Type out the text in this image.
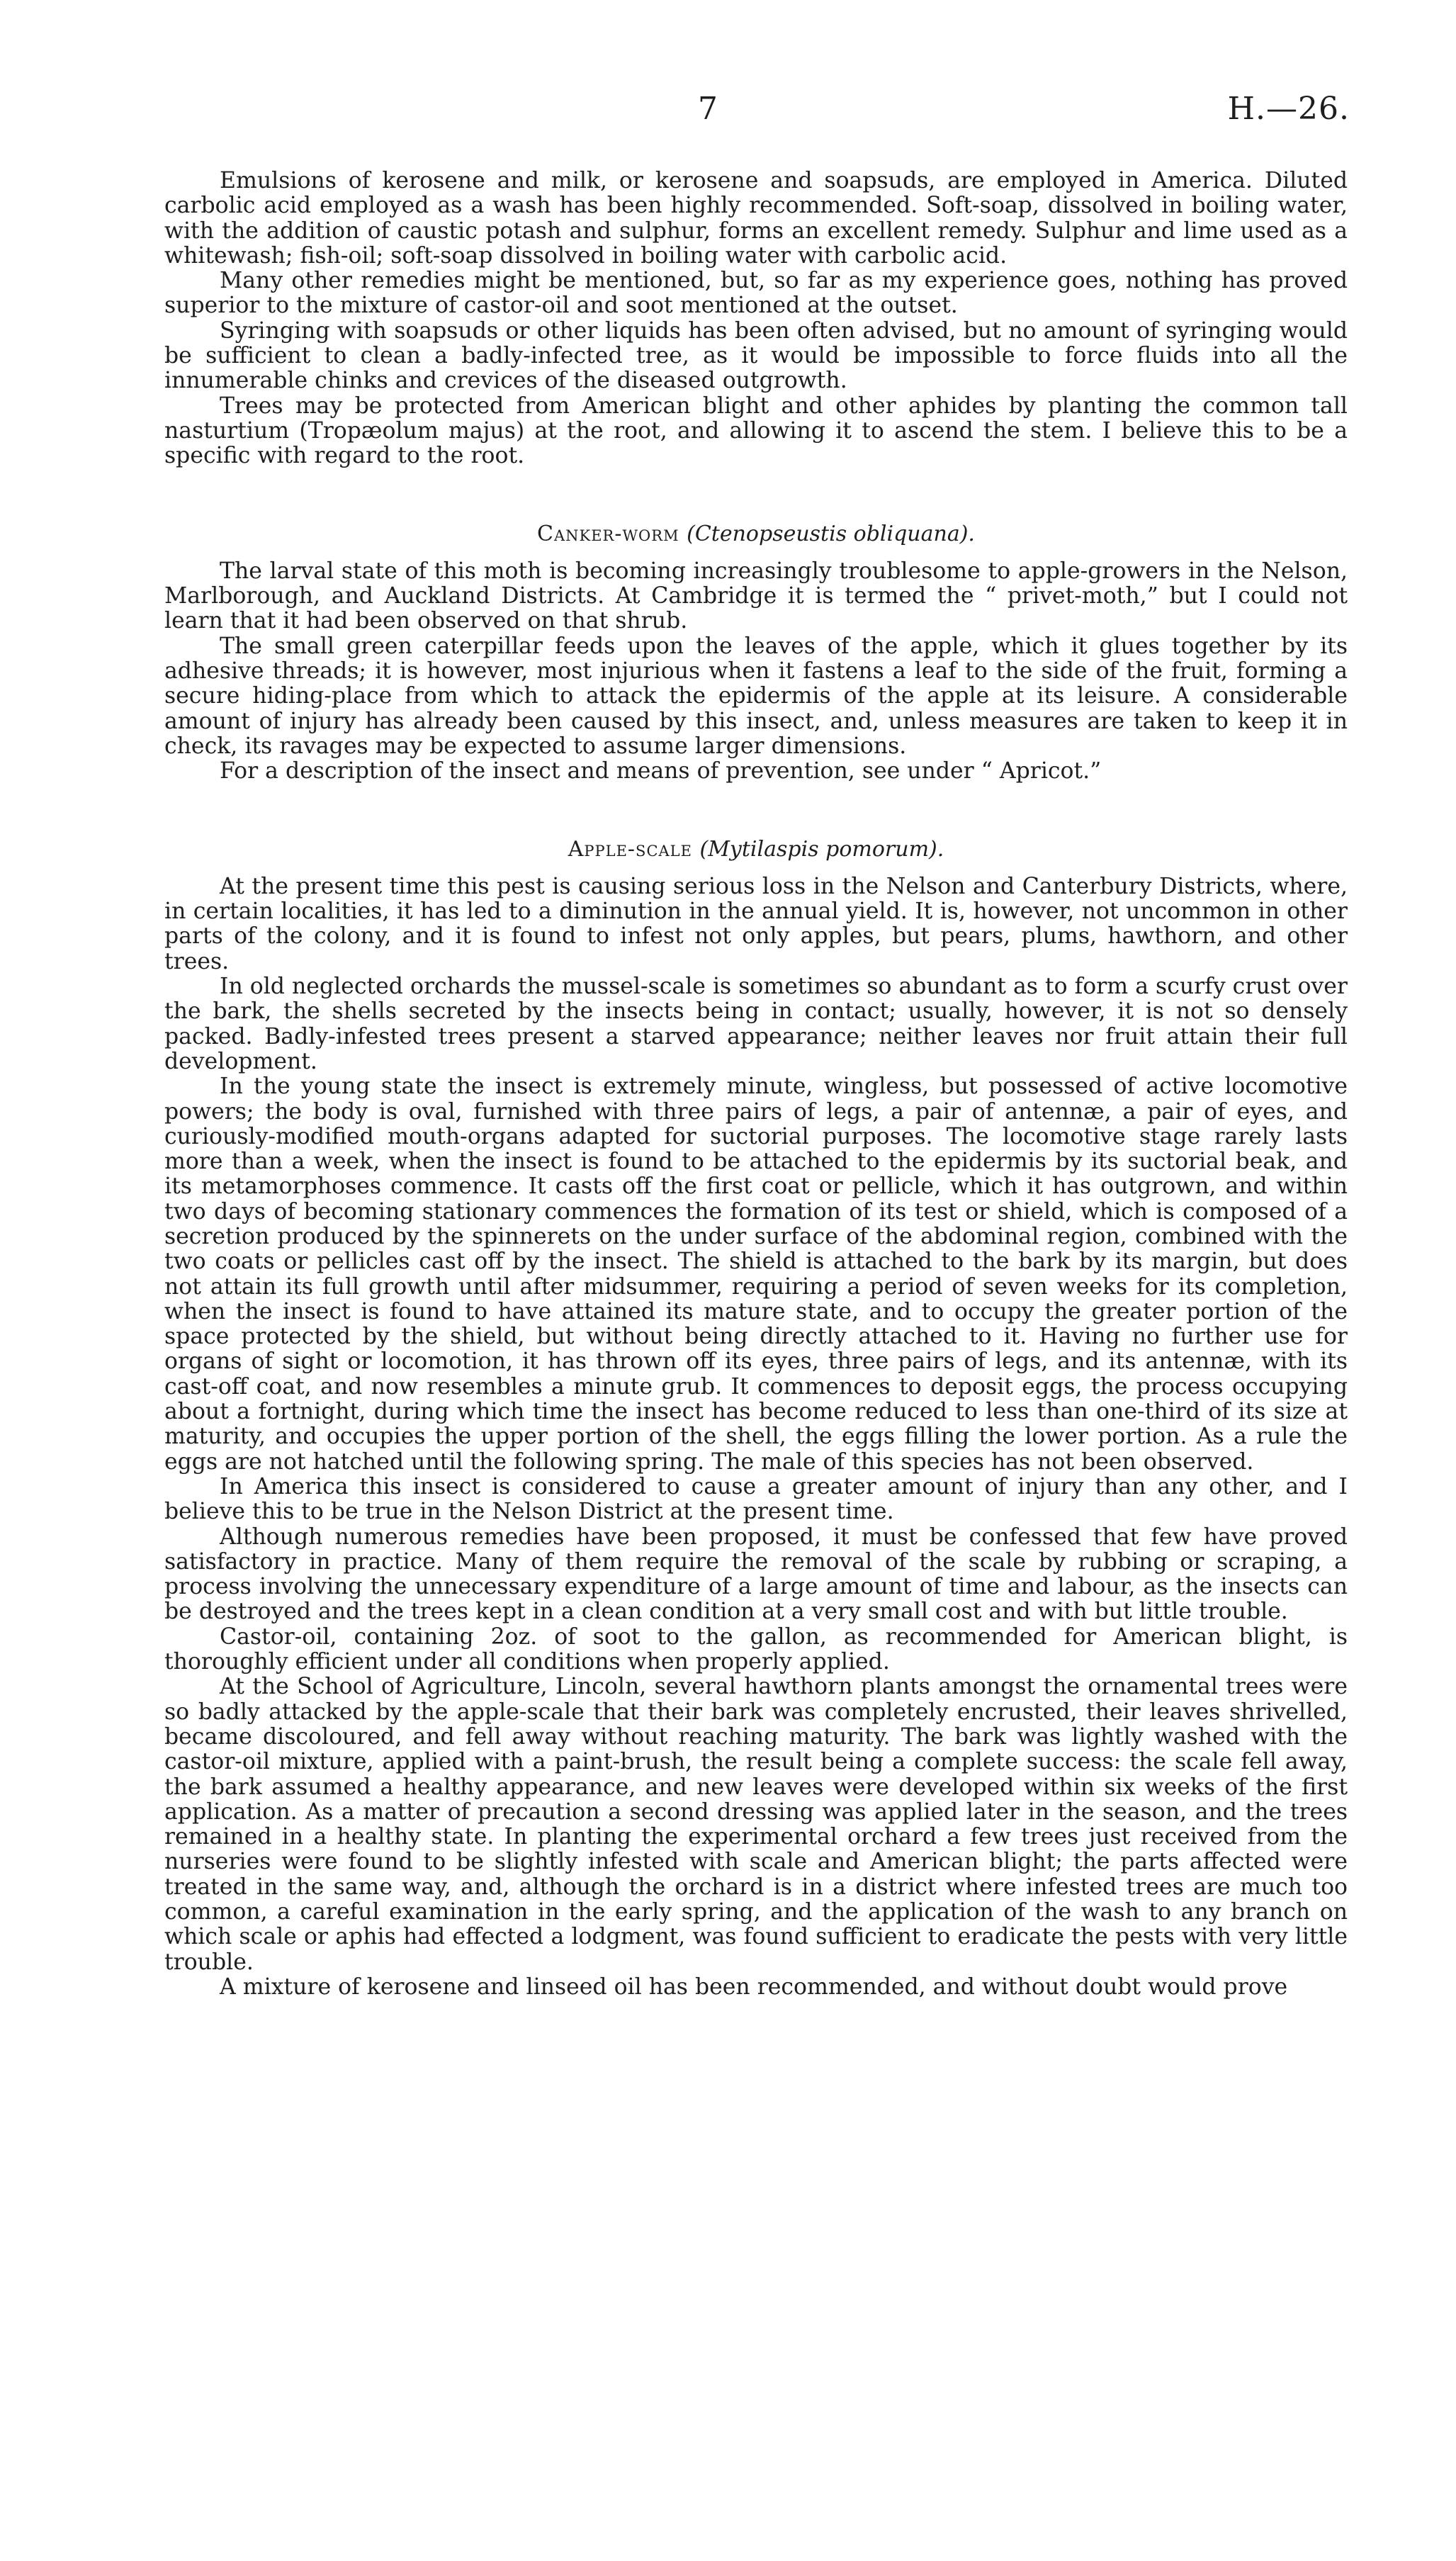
7	H.—26.

Emulsions of kerosene and milk, or kerosene and soapsuds, are employed in America. Diluted carbolic acid employed as a wash has been highly recommended. Soft-soap, dissolved in boiling water, with the addition of caustic potash and sulphur, forms an excellent remedy. Sulphur and lime used as a whitewash; fish-oil; soft-soap dissolved in boiling water with carbolic acid.

Many other remedies might be mentioned, but, so far as my experience goes, nothing has proved superior to the mixture of castor-oil and soot mentioned at the outset.

Syringing with soapsuds or other liquids has been often advised, but no amount of syringing would be sufficient to clean a badly-infected tree, as it would be impossible to force fluids into all the innumerable chinks and crevices of the diseased outgrowth.

Trees may be protected from American blight and other aphides by planting the common tall nasturtium (Tropæolum majus) at the root, and allowing it to ascend the stem. I believe this to be a specific with regard to the root.

Canker-worm (Ctenopseustis obliquana).

The larval state of this moth is becoming increasingly troublesome to apple-growers in the Nelson, Marlborough, and Auckland Districts. At Cambridge it is termed the “ privet-moth,” but I could not learn that it had been observed on that shrub.

The small green caterpillar feeds upon the leaves of the apple, which it glues together by its adhesive threads; it is however, most injurious when it fastens a leaf to the side of the fruit, forming a secure hiding-place from which to attack the epidermis of the apple at its leisure. A considerable amount of injury has already been caused by this insect, and, unless measures are taken to keep it in check, its ravages may be expected to assume larger dimensions.

For a description of the insect and means of prevention, see under “ Apricot.”

Apple-scale (Mytilaspis pomorum).

At the present time this pest is causing serious loss in the Nelson and Canterbury Districts, where, in certain localities, it has led to a diminution in the annual yield. It is, however, not uncommon in other parts of the colony, and it is found to infest not only apples, but pears, plums, hawthorn, and other trees.

In old neglected orchards the mussel-scale is sometimes so abundant as to form a scurfy crust over the bark, the shells secreted by the insects being in contact; usually, however, it is not so densely packed. Badly-infested trees present a starved appearance; neither leaves nor fruit attain their full development.

In the young state the insect is extremely minute, wingless, but possessed of active locomotive powers; the body is oval, furnished with three pairs of legs, a pair of antennæ, a pair of eyes, and curiously-modified mouth-organs adapted for suctorial purposes. The locomotive stage rarely lasts more than a week, when the insect is found to be attached to the epidermis by its suctorial beak, and its metamorphoses commence. It casts off the first coat or pellicle, which it has outgrown, and within two days of becoming stationary commences the formation of its test or shield, which is composed of a secretion produced by the spinnerets on the under surface of the abdominal region, combined with the two coats or pellicles cast off by the insect. The shield is attached to the bark by its margin, but does not attain its full growth until after midsummer, requiring a period of seven weeks for its completion, when the insect is found to have attained its mature state, and to occupy the greater portion of the space protected by the shield, but without being directly attached to it. Having no further use for organs of sight or locomotion, it has thrown off its eyes, three pairs of legs, and its antennæ, with its cast-off coat, and now resembles a minute grub. It commences to deposit eggs, the process occupying about a fortnight, during which time the insect has become reduced to less than one-third of its size at maturity, and occupies the upper portion of the shell, the eggs filling the lower portion. As a rule the eggs are not hatched until the following spring. The male of this species has not been observed.

In America this insect is considered to cause a greater amount of injury than any other, and I believe this to be true in the Nelson District at the present time.

Although numerous remedies have been proposed, it must be confessed that few have proved satisfactory in practice. Many of them require the removal of the scale by rubbing or scraping, a process involving the unnecessary expenditure of a large amount of time and labour, as the insects can be destroyed and the trees kept in a clean condition at a very small cost and with but little trouble.

Castor-oil, containing 2oz. of soot to the gallon, as recommended for American blight, is thoroughly efficient under all conditions when properly applied.

At the School of Agriculture, Lincoln, several hawthorn plants amongst the ornamental trees were so badly attacked by the apple-scale that their bark was completely encrusted, their leaves shrivelled, became discoloured, and fell away without reaching maturity. The bark was lightly washed with the castor-oil mixture, applied with a paint-brush, the result being a complete success: the scale fell away, the bark assumed a healthy appearance, and new leaves were developed within six weeks of the first application. As a matter of precaution a second dressing was applied later in the season, and the trees remained in a healthy state. In planting the experimental orchard a few trees just received from the nurseries were found to be slightly infested with scale and American blight; the parts affected were treated in the same way, and, although the orchard is in a district where infested trees are much too common, a careful examination in the early spring, and the application of the wash to any branch on which scale or aphis had effected a lodgment, was found sufficient to eradicate the pests with very little trouble.

A mixture of kerosene and linseed oil has been recommended, and without doubt would prove
